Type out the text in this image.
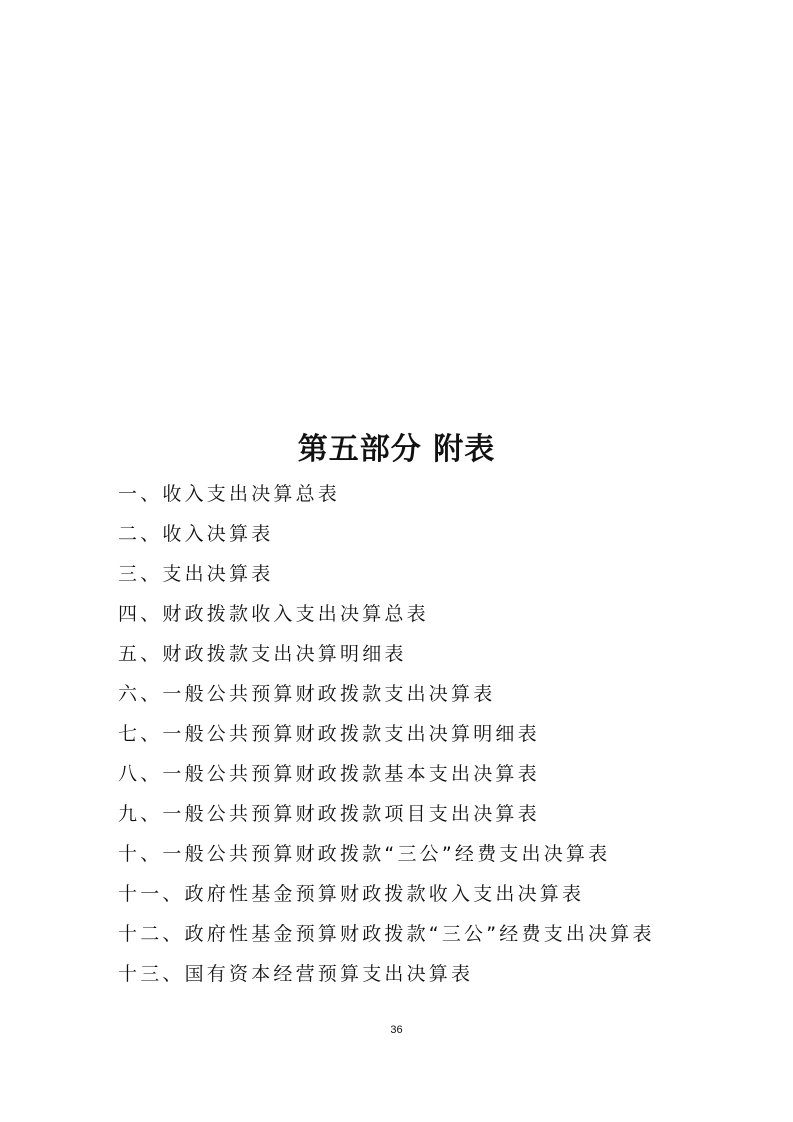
第五部分 附表
一、收入支出决算总表
二、收入决算表
三、支出决算表
四、财政拨款收入支出决算总表
五、财政拨款支出决算明细表
六、一般公共预算财政拨款支出决算表
七、一般公共预算财政拨款支出决算明细表
八、一般公共预算财政拨款基本支出决算表
九、一般公共预算财政拨款项目支出决算表
十、一般公共预算财政拨款“三公”经费支出决算表
十一、政府性基金预算财政拨款收入支出决算表
十二、政府性基金预算财政拨款“三公”经费支出决算表
十三、国有资本经营预算支出决算表
36
